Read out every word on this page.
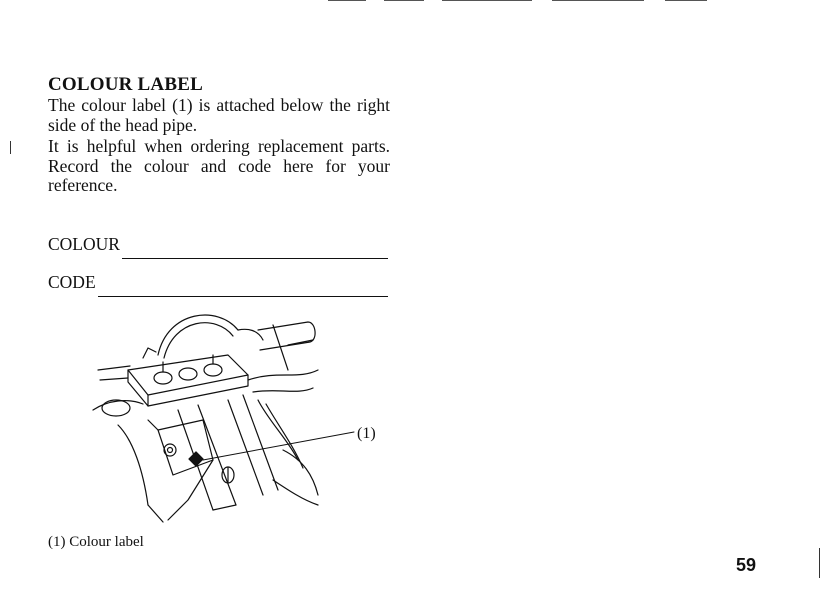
COLOUR LABEL

The colour label (1) is attached below the right side of the head pipe.

It is helpful when ordering replacement parts. Record the colour and code here for your reference.

COLOUR
CODE
(1)
(1) Colour label
59
